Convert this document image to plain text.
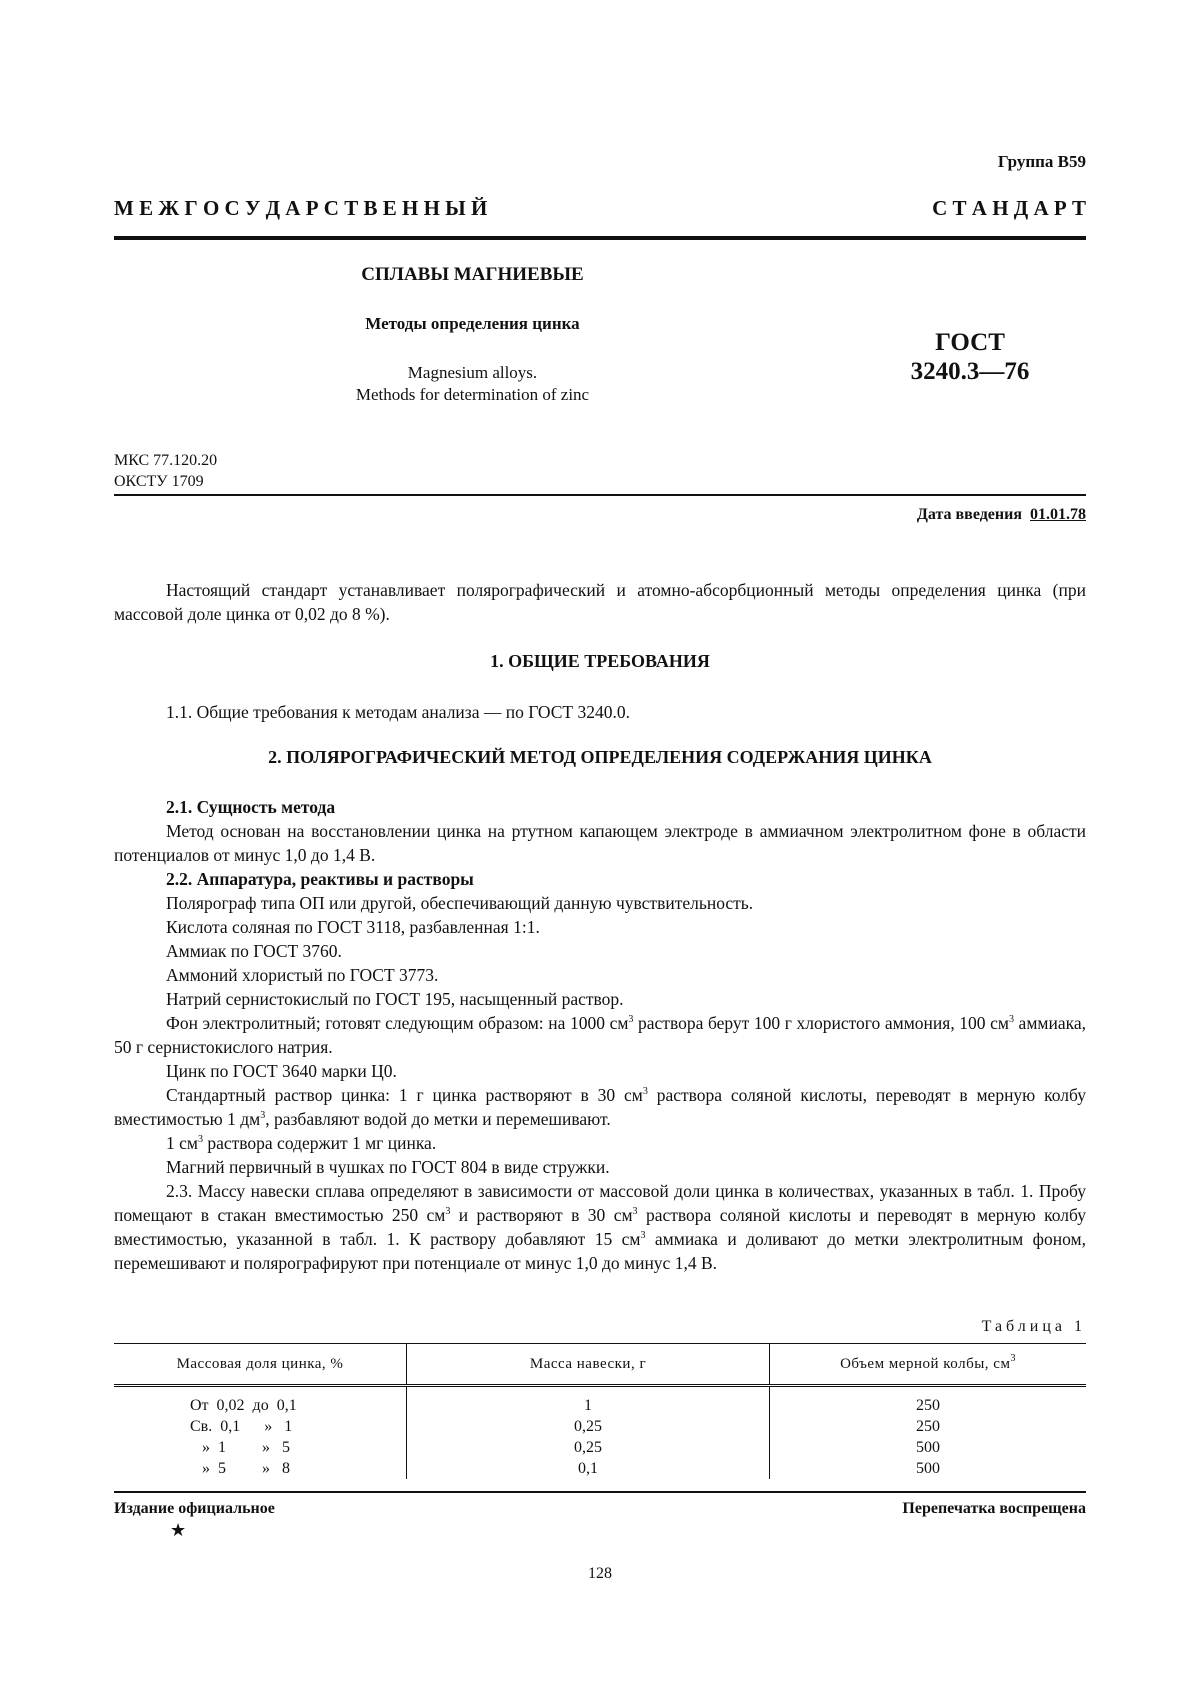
Группа В59
М Е Ж Г О С У Д А Р С Т В Е Н Н Ы Й	С Т А Н Д А Р Т
СПЛАВЫ МАГНИЕВЫЕ
Методы определения цинка
Magnesium alloys.
Methods for determination of zinc
ГОСТ
3240.3—76
МКС 77.120.20
ОКСТУ 1709
Дата введения 01.01.78

Настоящий стандарт устанавливает полярографический и атомно-абсорбционный методы определения цинка (при массовой доле цинка от 0,02 до 8 %).

1. ОБЩИЕ ТРЕБОВАНИЯ

1.1. Общие требования к методам анализа — по ГОСТ 3240.0.

2. ПОЛЯРОГРАФИЧЕСКИЙ МЕТОД ОПРЕДЕЛЕНИЯ СОДЕРЖАНИЯ ЦИНКА

2.1. Сущность метода

Метод основан на восстановлении цинка на ртутном капающем электроде в аммиачном электролитном фоне в области потенциалов от минус 1,0 до 1,4 В.

2.2. Аппаратура, реактивы и растворы

Полярограф типа ОП или другой, обеспечивающий данную чувствительность.

Кислота соляная по ГОСТ 3118, разбавленная 1:1.

Аммиак по ГОСТ 3760.

Аммоний хлористый по ГОСТ 3773.

Натрий сернистокислый по ГОСТ 195, насыщенный раствор.

Фон электролитный; готовят следующим образом: на 1000 $см^3$ раствора берут 100 г хлористого аммония, 100 $см^3$ аммиака, 50 г сернистокислого натрия.

Цинк по ГОСТ 3640 марки Ц0.

Стандартный раствор цинка: 1 г цинка растворяют в 30 $см^3$ раствора соляной кислоты, переводят в мерную колбу вместимостью 1 $дм^3$, разбавляют водой до метки и перемешивают.

1 $см^3$ раствора содержит 1 мг цинка.

Магний первичный в чушках по ГОСТ 804 в виде стружки.

2.3. Массу навески сплава определяют в зависимости от массовой доли цинка в количествах, указанных в табл. 1. Пробу помещают в стакан вместимостью 250 $см^3$ и растворяют в 30 $см^3$ раствора соляной кислоты и переводят в мерную колбу вместимостью, указанной в табл. 1. К раствору добавляют 15 $см^3$ аммиака и доливают до метки электролитным фоном, перемешивают и полярографируют при потенциале от минус 1,0 до минус 1,4 В.

Таблица 1
Массовая доля цинка, %	Масса навески, г	Объем мерной колбы, $см^3$
От  0,02  до  0,1	1	250
Св.  0,1      »   1	0,25	250
»  1         »   5	0,25	500
»  5         »   8	0,1	500
Издание официальное	Перепечатка воспрещена
★
128
